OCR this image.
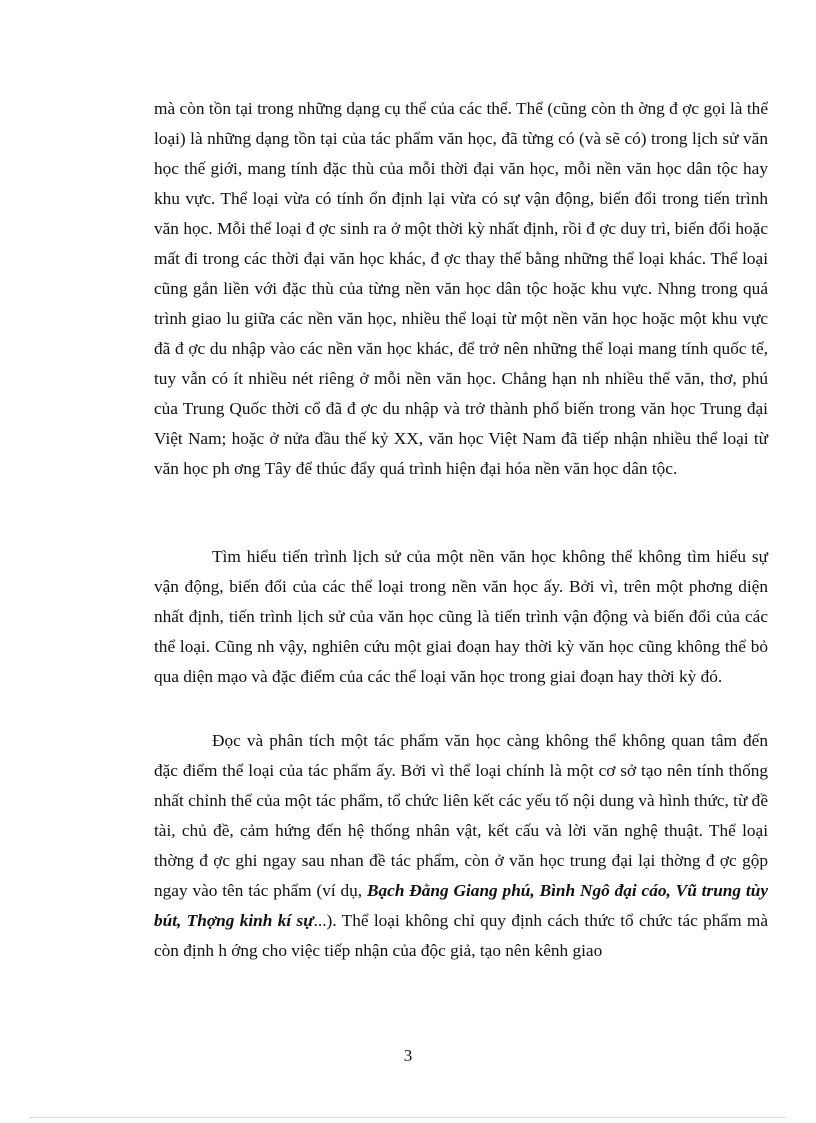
mà còn tồn tại trong những dạng cụ thể của các thể. Thể (cũng còn th ờng đ ợc gọi là thể loại) là những dạng tồn tại của tác phẩm văn học, đã từng có (và sẽ có) trong lịch sử văn học thế giới, mang tính đặc thù của mỗi thời đại văn học, mỗi nền văn học dân tộc hay khu vực. Thể loại vừa có tính ổn định lại vừa có sự vận động, biến đổi trong tiến trình văn học. Mỗi thể loại đ ợc sinh ra ở một thời kỳ nhất định, rồi đ ợc duy trì, biến đổi hoặc mất đi trong các thời đại văn học khác, đ ợc thay thế bằng những thể loại khác. Thể loại cũng gắn liền với đặc thù của từng nền văn học dân tộc hoặc khu vực. Nhng trong quá trình giao lu giữa các nền văn học, nhiều thể loại từ một nền văn học hoặc một khu vực đã đ ợc du nhập vào các nền văn học khác, để trở nên những thể loại mang tính quốc tế, tuy vẫn có ít nhiều nét riêng ở mỗi nền văn học. Chẳng hạn nh nhiều thể văn, thơ, phú của Trung Quốc thời cổ đã đ ợc du nhập và trở thành phổ biến trong văn học Trung đại Việt Nam; hoặc ở nửa đầu thế kỷ XX, văn học Việt Nam đã tiếp nhận nhiều thể loại từ văn học ph ơng Tây để thúc đẩy quá trình hiện đại hóa nền văn học dân tộc.

Tìm hiểu tiến trình lịch sử của một nền văn học không thể không tìm hiểu sự vận động, biến đổi của các thể loại trong nền văn học ấy. Bởi vì, trên một phơng diện nhất định, tiến trình lịch sử của văn học cũng là tiến trình vận động và biến đổi của các thể loại. Cũng nh vậy, nghiên cứu một giai đoạn hay thời kỳ văn học cũng không thể bỏ qua diện mạo và đặc điểm của các thể loại văn học trong giai đoạn hay thời kỳ đó.

Đọc và phân tích một tác phẩm văn học càng không thể không quan tâm đến đặc điểm thể loại của tác phẩm ấy. Bởi vì thể loại chính là một cơ sở tạo nên tính thống nhất chỉnh thể của một tác phẩm, tổ chức liên kết các yếu tố nội dung và hình thức, từ đề tài, chủ đề, cảm hứng đến hệ thống nhân vật, kết cấu và lời văn nghệ thuật. Thể loại thờng đ ợc ghi ngay sau nhan đề tác phẩm, còn ở văn học trung đại lại thờng đ ợc gộp ngay vào tên tác phẩm (ví dụ, Bạch Đằng Giang phú, Bình Ngô đại cáo, Vũ trung tùy bút, Thợng kinh kí sự...). Thể loại không chỉ quy định cách thức tổ chức tác phẩm mà còn định h ớng cho việc tiếp nhận của độc giả, tạo nên kênh giao

3
